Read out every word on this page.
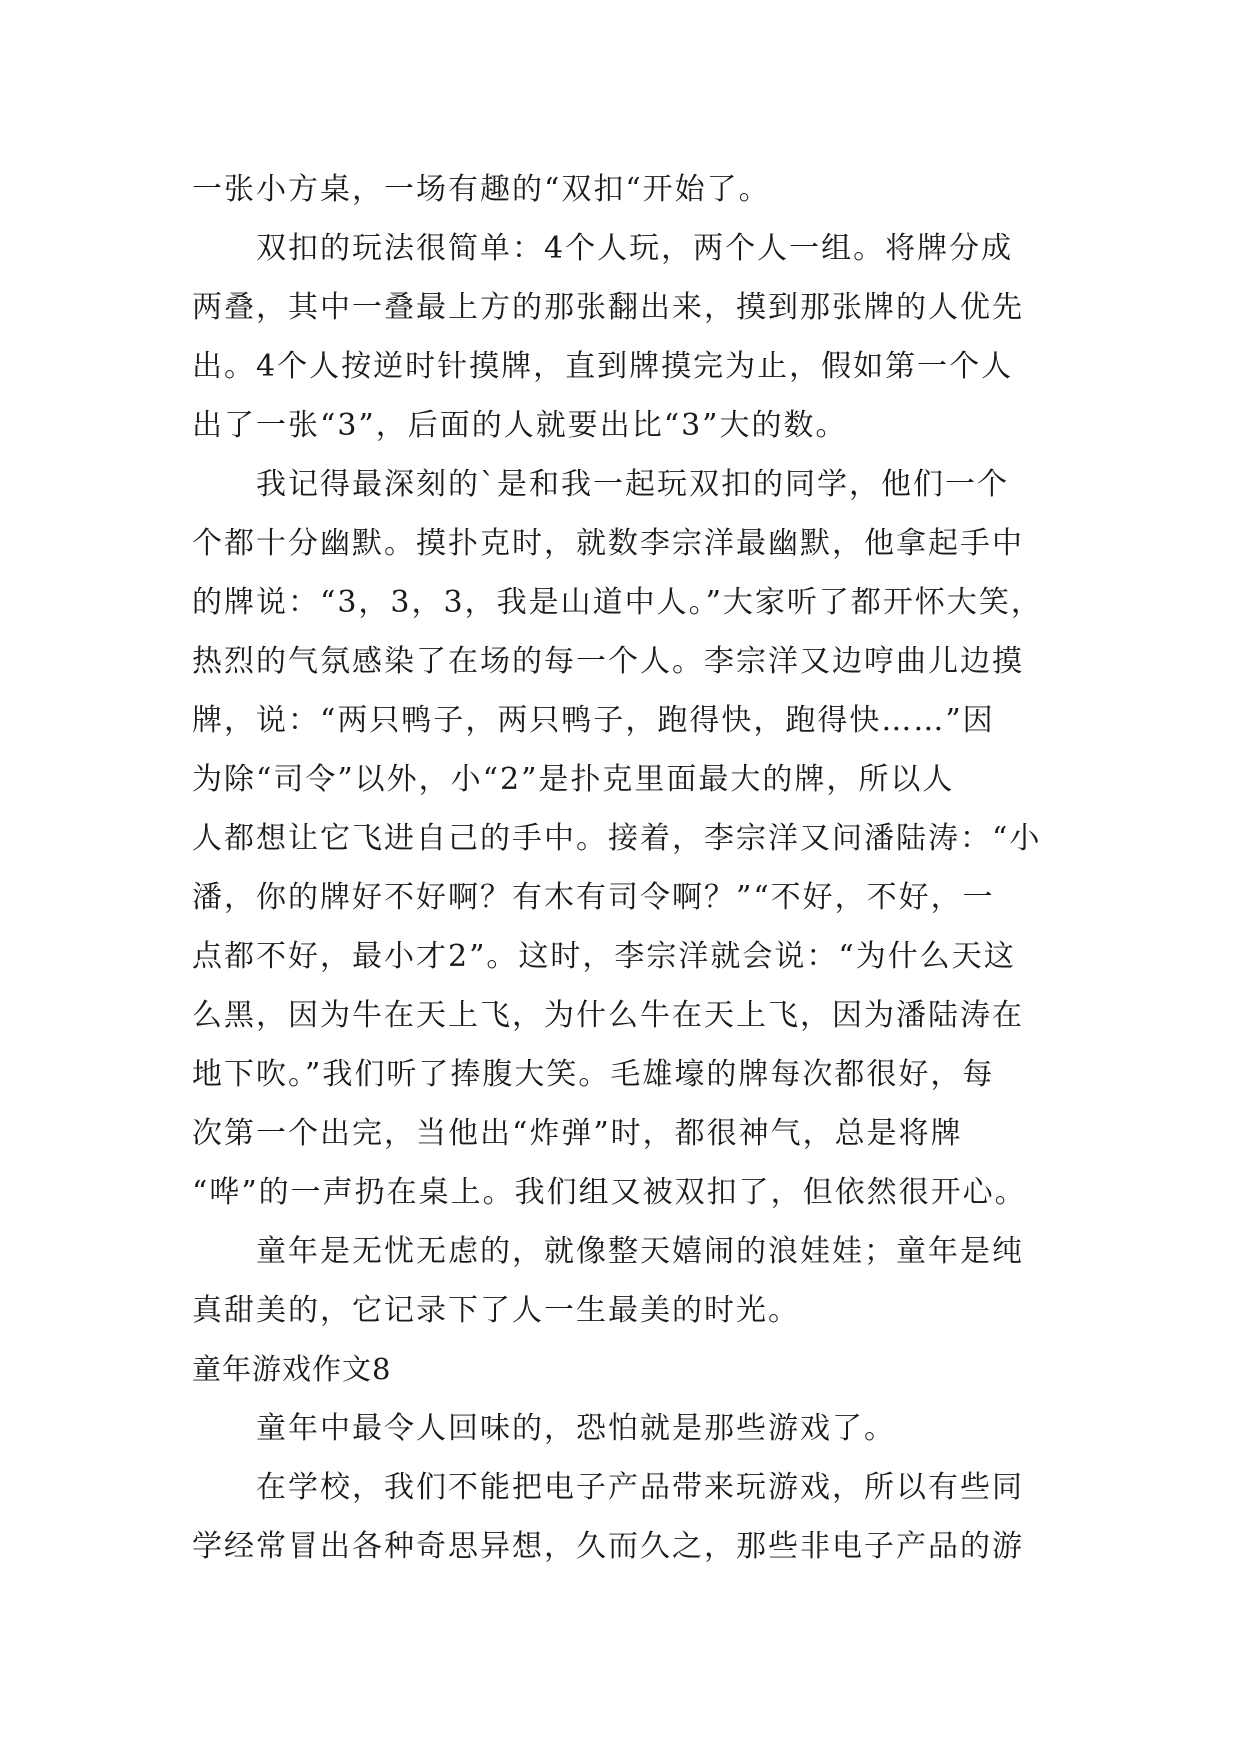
一张小方桌，一场有趣的“双扣“开始了。
双扣的玩法很简单：4个人玩，两个人一组。将牌分成
两叠，其中一叠最上方的那张翻出来，摸到那张牌的人优先
出。4个人按逆时针摸牌，直到牌摸完为止，假如第一个人
出了一张“3”，后面的人就要出比“3”大的数。
我记得最深刻的`是和我一起玩双扣的同学，他们一个
个都十分幽默。摸扑克时，就数李宗洋最幽默，他拿起手中
的牌说：“3，3，3，我是山道中人。”大家听了都开怀大笑，
热烈的气氛感染了在场的每一个人。李宗洋又边哼曲儿边摸
牌，说：“两只鸭子，两只鸭子，跑得快，跑得快……”因
为除“司令”以外，小“2”是扑克里面最大的牌，所以人
人都想让它飞进自己的手中。接着，李宗洋又问潘陆涛：“小
潘，你的牌好不好啊？有木有司令啊？”“不好，不好，一
点都不好，最小才2”。这时，李宗洋就会说：“为什么天这
么黑，因为牛在天上飞，为什么牛在天上飞，因为潘陆涛在
地下吹。”我们听了捧腹大笑。毛雄壕的牌每次都很好，每
次第一个出完，当他出“炸弹”时，都很神气，总是将牌
“哗”的一声扔在桌上。我们组又被双扣了，但依然很开心。
童年是无忧无虑的，就像整天嬉闹的浪娃娃；童年是纯
真甜美的，它记录下了人一生最美的时光。
童年游戏作文8
童年中最令人回味的，恐怕就是那些游戏了。
在学校，我们不能把电子产品带来玩游戏，所以有些同
学经常冒出各种奇思异想，久而久之，那些非电子产品的游
